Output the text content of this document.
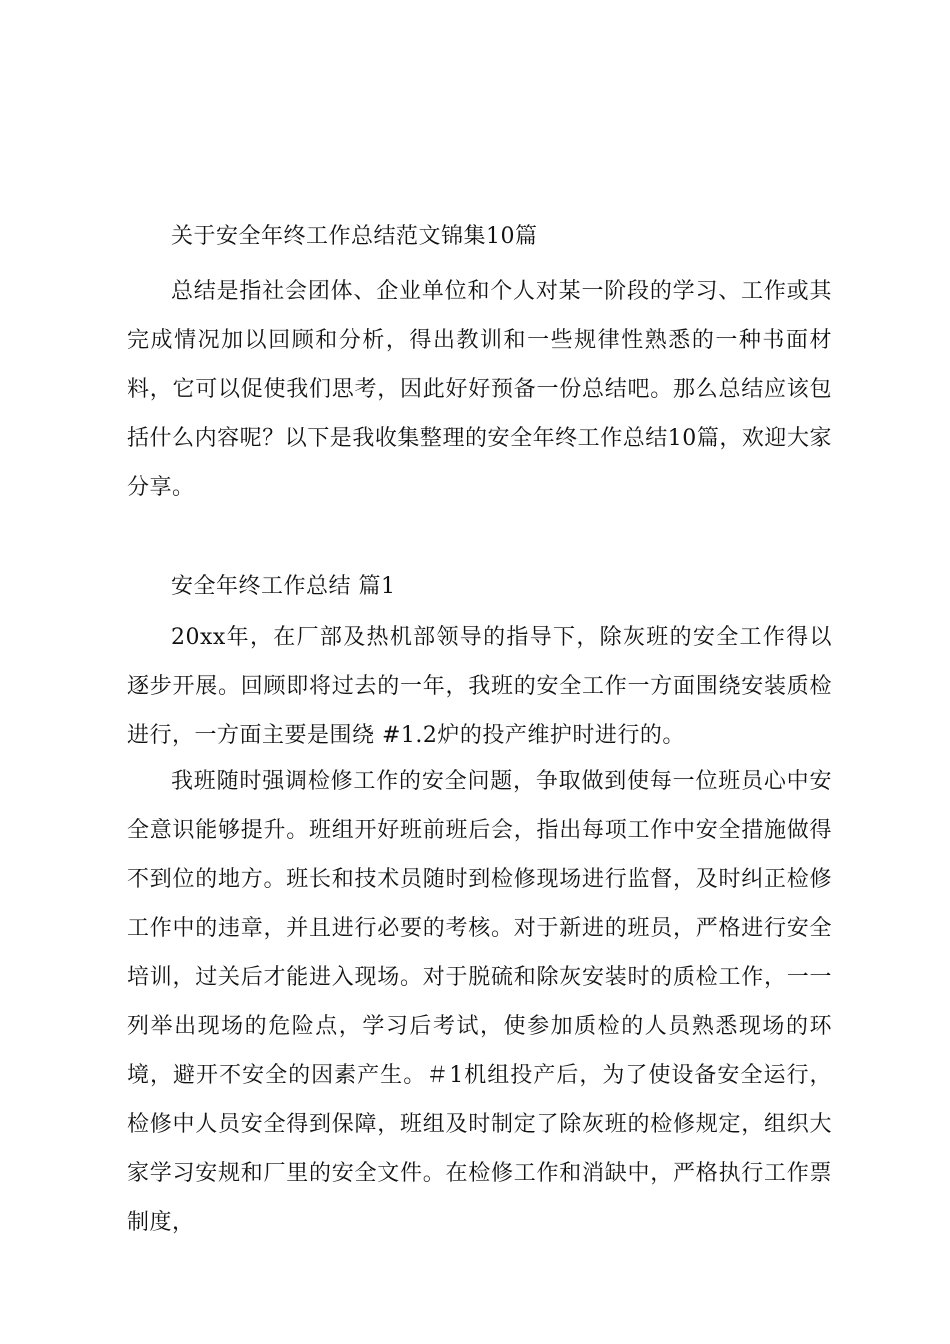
关于安全年终工作总结范文锦集10篇

总结是指社会团体、企业单位和个人对某一阶段的学习、工作或其完成情况加以回顾和分析，得出教训和一些规律性熟悉的一种书面材料，它可以促使我们思考，因此好好预备一份总结吧。那么总结应该包括什么内容呢？以下是我收集整理的安全年终工作总结10篇，欢迎大家分享。

安全年终工作总结 篇1

20xx年，在厂部及热机部领导的指导下，除灰班的安全工作得以逐步开展。回顾即将过去的一年，我班的安全工作一方面围绕安装质检进行，一方面主要是围绕 #1.2炉的投产维护时进行的。

我班随时强调检修工作的安全问题，争取做到使每一位班员心中安全意识能够提升。班组开好班前班后会，指出每项工作中安全措施做得不到位的地方。班长和技术员随时到检修现场进行监督，及时纠正检修工作中的违章，并且进行必要的考核。对于新进的班员，严格进行安全培训，过关后才能进入现场。对于脱硫和除灰安装时的质检工作，一一列举出现场的危险点，学习后考试，使参加质检的人员熟悉现场的环境，避开不安全的因素产生。＃1机组投产后，为了使设备安全运行，检修中人员安全得到保障，班组及时制定了除灰班的检修规定，组织大家学习安规和厂里的安全文件。在检修工作和消缺中，严格执行工作票制度，
